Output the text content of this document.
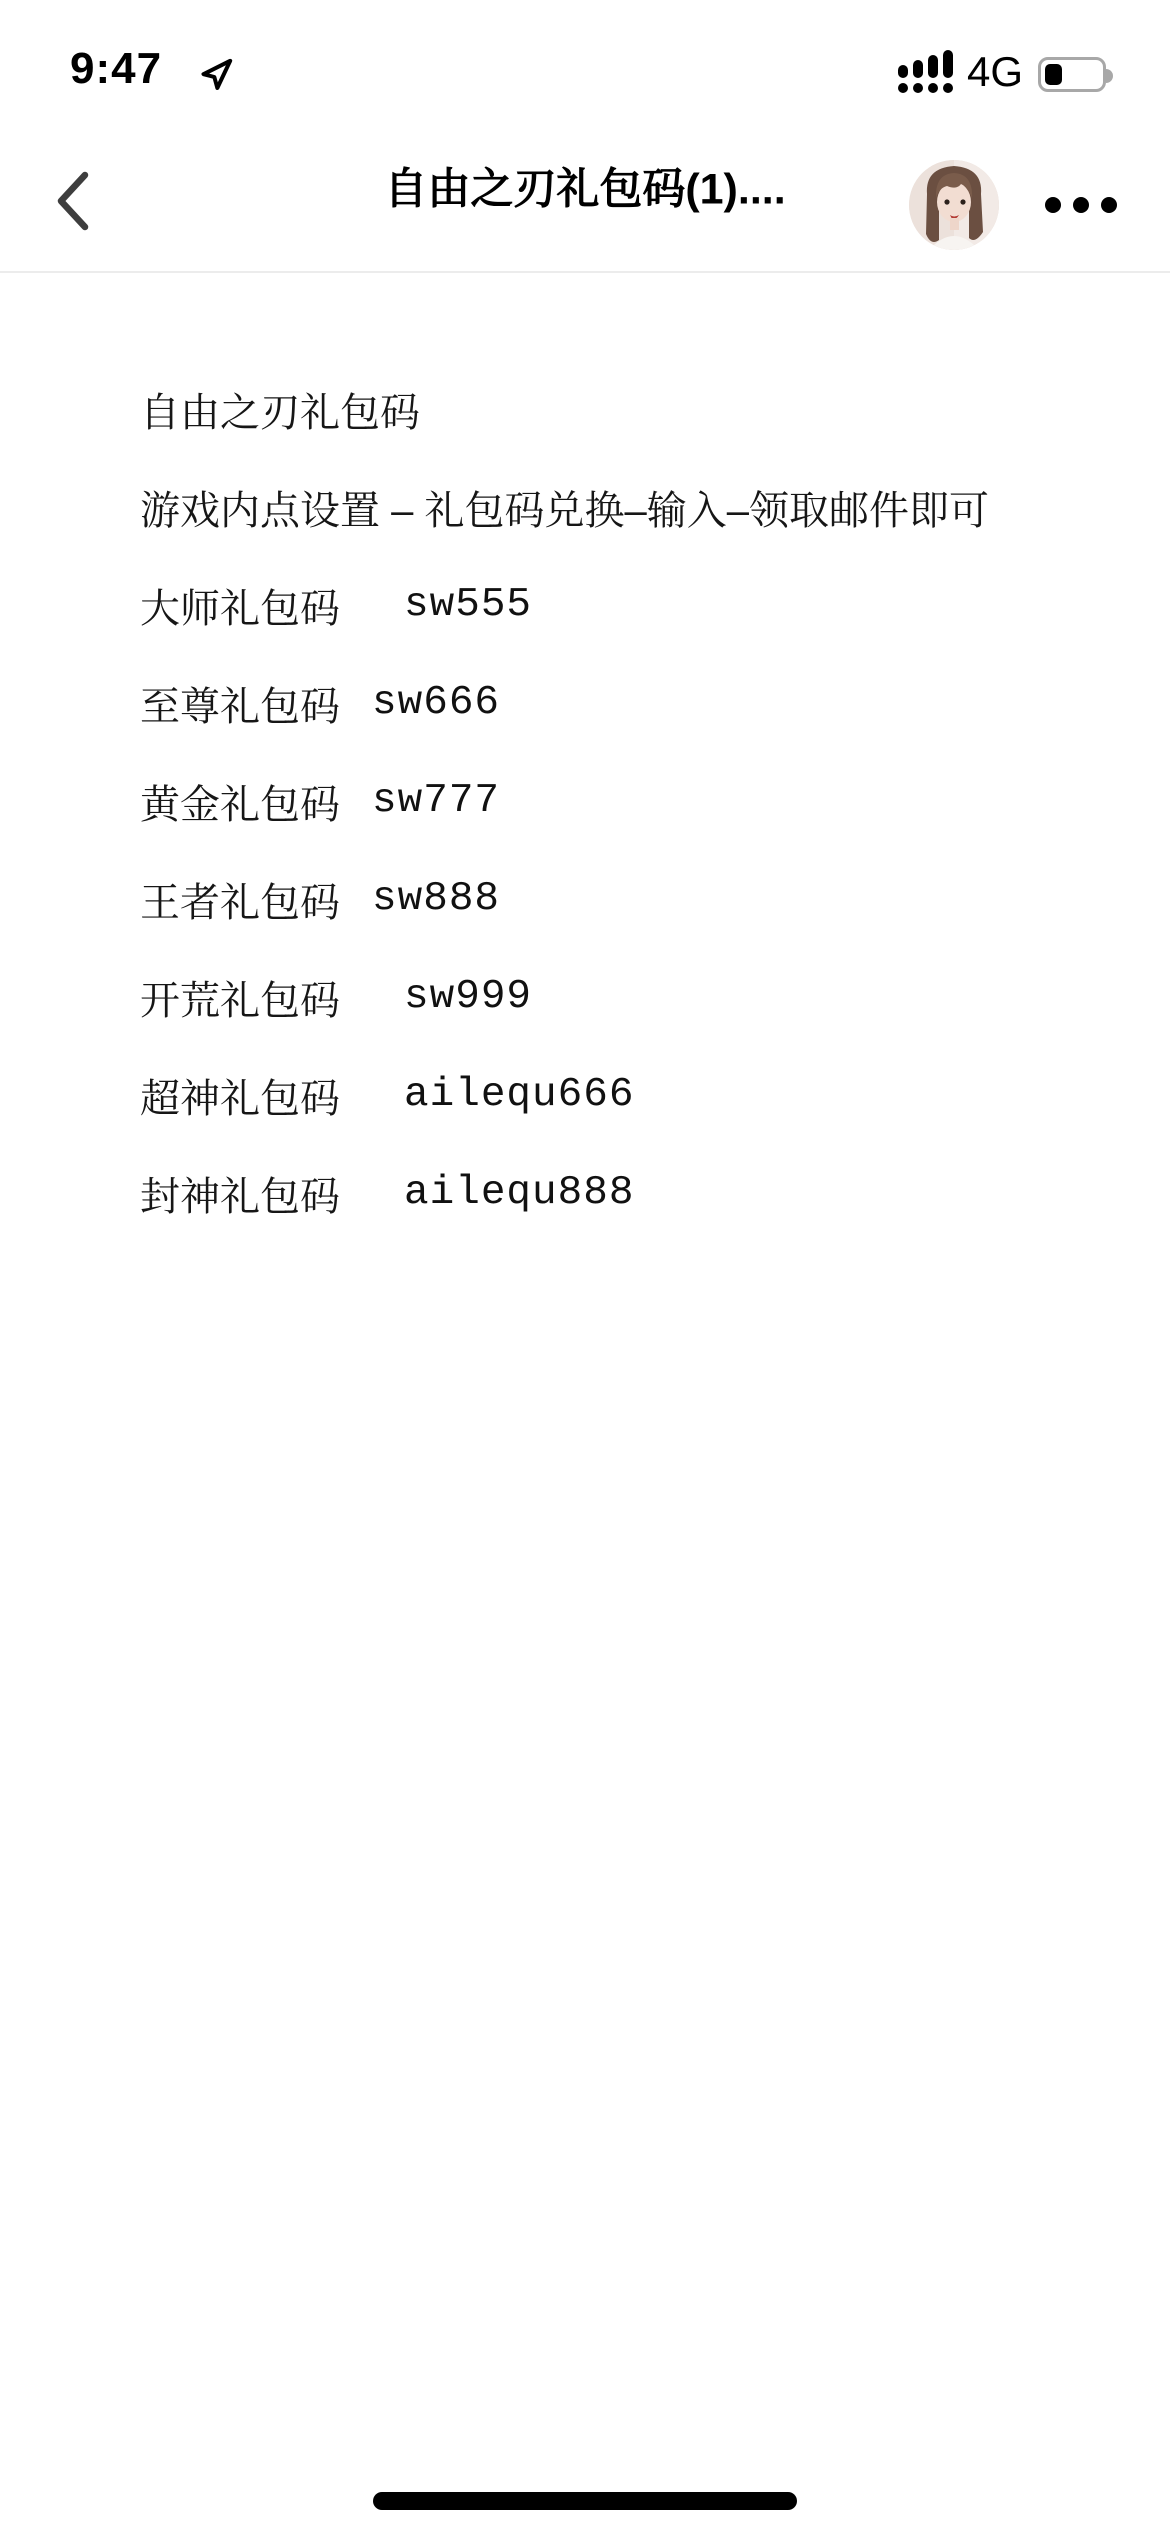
9:47	4G
自由之刃礼包码(1)....
自由之刃礼包码
游戏内点设置 – 礼包码兑换–输入–领取邮件即可
大师礼包码
sw555
至尊礼包码
sw666
黄金礼包码
sw777
王者礼包码
sw888
开荒礼包码
sw999
超神礼包码
ailequ666
封神礼包码
ailequ888
